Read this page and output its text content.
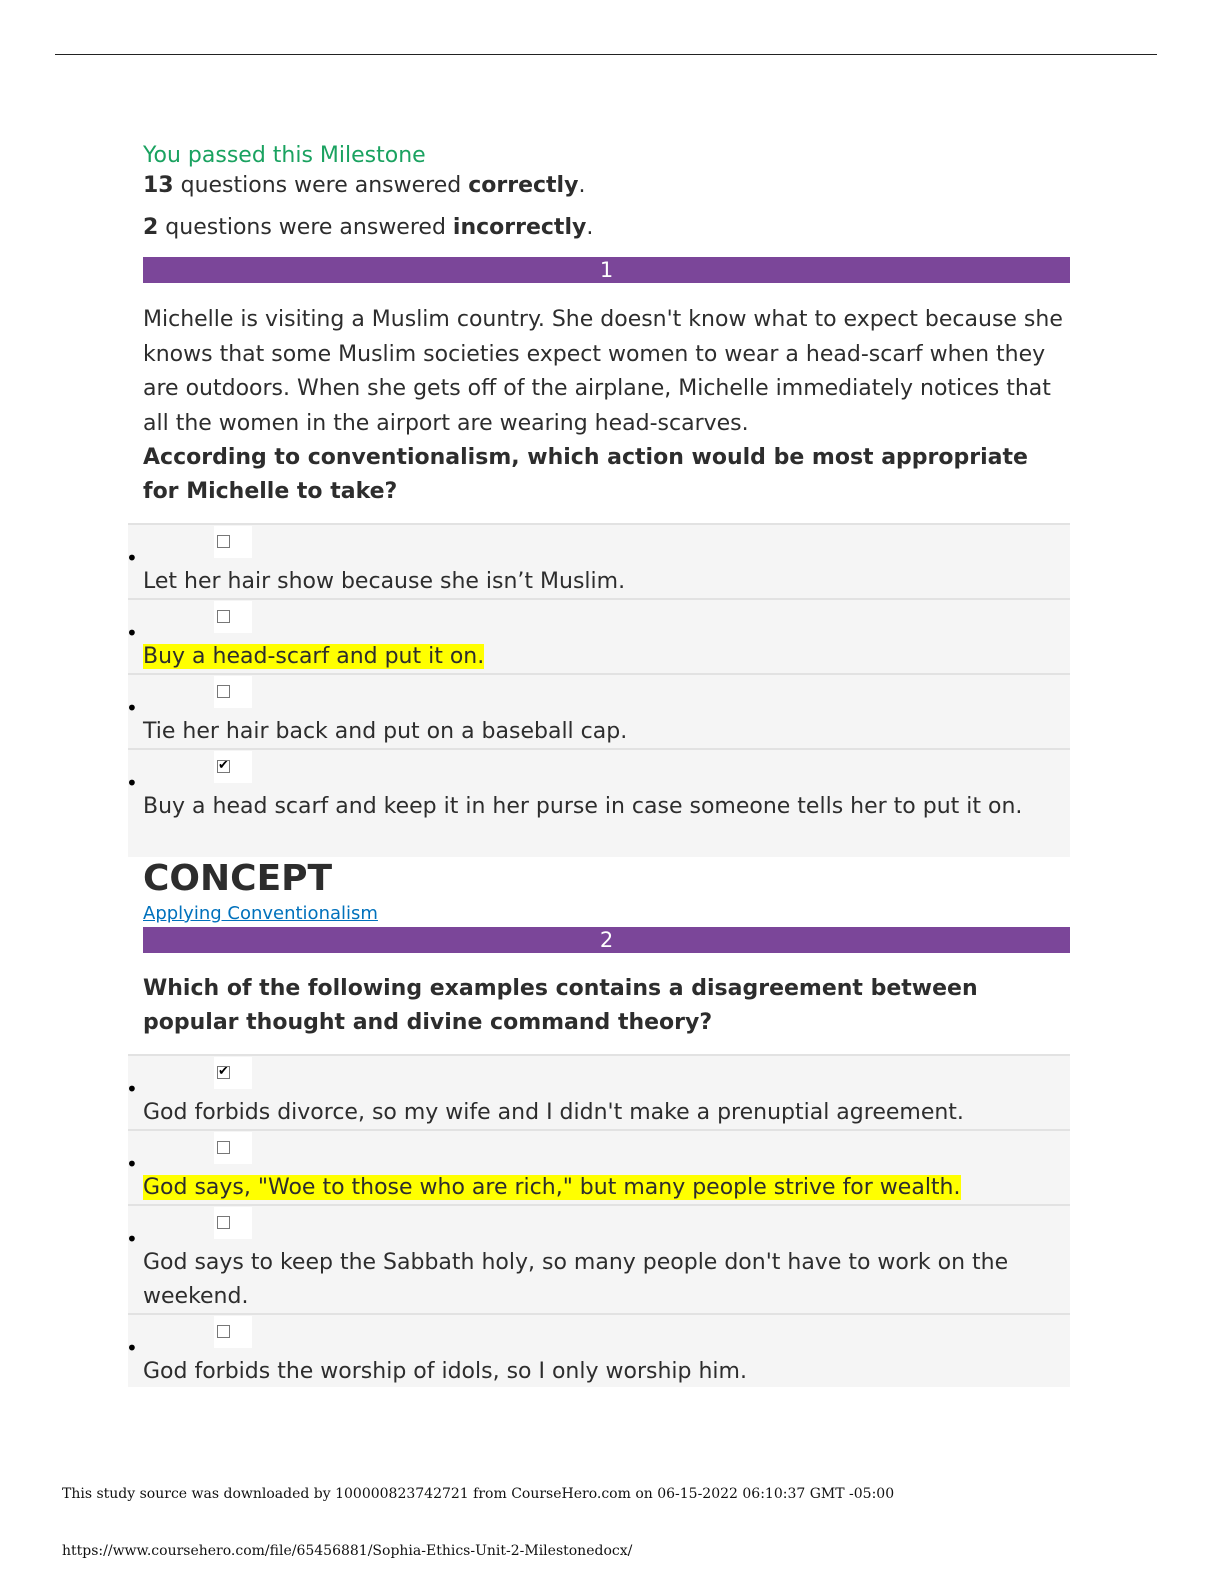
You passed this Milestone

13 questions were answered correctly.

2 questions were answered incorrectly.

1
Michelle is visiting a Muslim country. She doesn't know what to expect because she knows that some Muslim societies expect women to wear a head-scarf when they are outdoors. When she gets off of the airplane, Michelle immediately notices that all the women in the airport are wearing head-scarves.
According to conventionalism, which action would be most appropriate for Michelle to take?
•
Let her hair show because she isn’t Muslim.
•
Buy a head-scarf and put it on.
•
Tie her hair back and put on a baseball cap.
•
✔
Buy a head scarf and keep it in her purse in case someone tells her to put it on.
CONCEPT
Applying Conventionalism
2
Which of the following examples contains a disagreement between popular thought and divine command theory?
•
✔
God forbids divorce, so my wife and I didn't make a prenuptial agreement.
•
God says, "Woe to those who are rich," but many people strive for wealth.
•
God says to keep the Sabbath holy, so many people don't have to work on the weekend.
•
God forbids the worship of idols, so I only worship him.
This study source was downloaded by 100000823742721 from CourseHero.com on 06-15-2022 06:10:37 GMT -05:00
https://www.coursehero.com/file/65456881/Sophia-Ethics-Unit-2-Milestonedocx/
